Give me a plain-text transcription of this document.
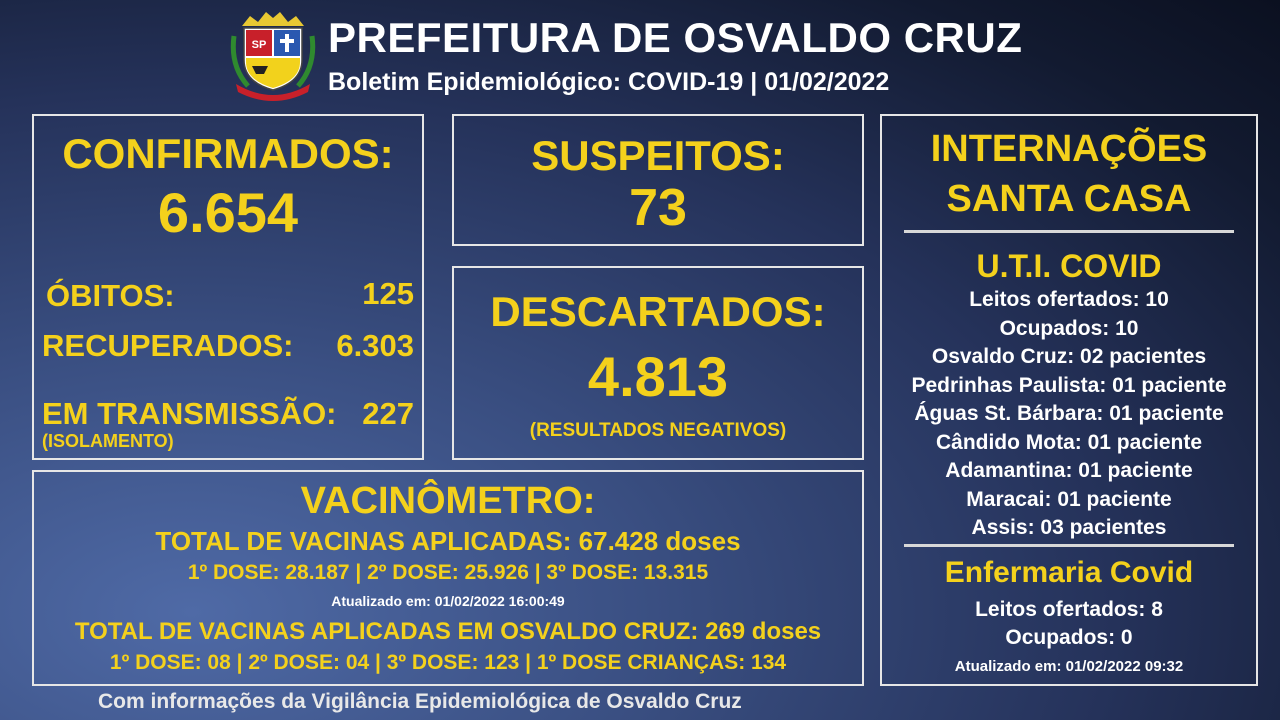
SP PREFEITURA DE OSVALDO CRUZ
Boletim Epidemiológico: COVID-19 | 01/02/2022
CONFIRMADOS:
6.654
ÓBITOS:	125
RECUPERADOS: 6.303
EM TRANSMISSÃO: 227
(ISOLAMENTO)
SUSPEITOS:
73
DESCARTADOS:
4.813
(RESULTADOS NEGATIVOS)
VACINÔMETRO:
TOTAL DE VACINAS APLICADAS: 67.428 doses
1º DOSE: 28.187 | 2º DOSE: 25.926 | 3º DOSE: 13.315
Atualizado em: 01/02/2022 16:00:49
TOTAL DE VACINAS APLICADAS EM OSVALDO CRUZ: 269 doses
1º DOSE: 08 | 2º DOSE: 04 | 3º DOSE: 123 | 1º DOSE CRIANÇAS: 134
INTERNAÇÕES
SANTA CASA
U.T.I. COVID
Leitos ofertados: 10
Ocupados: 10
Osvaldo Cruz: 02 pacientes
Pedrinhas Paulista: 01 paciente
Águas St. Bárbara: 01 paciente
Cândido Mota: 01 paciente
Adamantina: 01 paciente
Maracai: 01 paciente
Assis: 03 pacientes
Enfermaria Covid
Leitos ofertados: 8
Ocupados: 0
Atualizado em: 01/02/2022 09:32
Com informações da Vigilância Epidemiológica de Osvaldo Cruz
